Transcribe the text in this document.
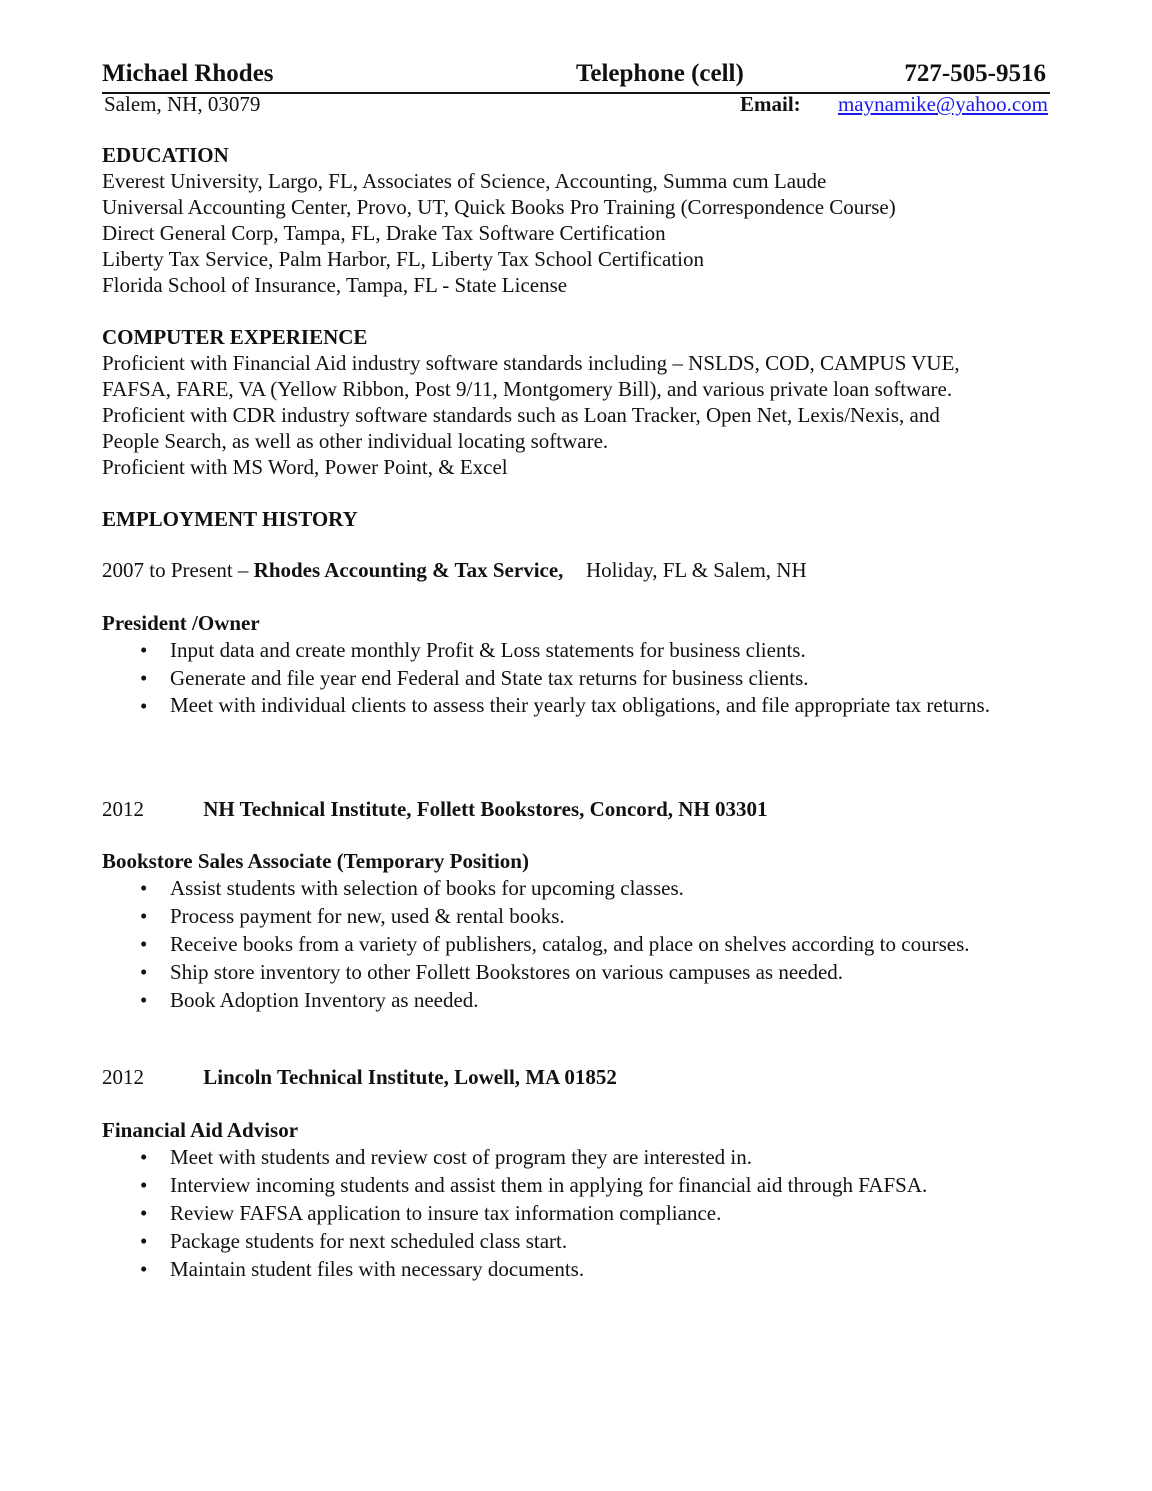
Michael Rhodes	Telephone (cell)	727-505-9516
Salem, NH, 03079	Email: maynamike@yahoo.com
EDUCATION
Everest University, Largo, FL, Associates of Science, Accounting, Summa cum Laude
Universal Accounting Center, Provo, UT, Quick Books Pro Training (Correspondence Course)
Direct General Corp, Tampa, FL, Drake Tax Software Certification
Liberty Tax Service, Palm Harbor, FL, Liberty Tax School Certification
Florida School of Insurance, Tampa, FL - State License
COMPUTER EXPERIENCE
Proficient with Financial Aid industry software standards including – NSLDS, COD, CAMPUS VUE,
FAFSA, FARE, VA (Yellow Ribbon, Post 9/11, Montgomery Bill), and various private loan software.
Proficient with CDR industry software standards such as Loan Tracker, Open Net, Lexis/Nexis, and
People Search, as well as other individual locating software.
Proficient with MS Word, Power Point, & Excel
EMPLOYMENT HISTORY
2007 to Present – Rhodes Accounting & Tax Service, Holiday, FL & Salem, NH
President /Owner
• Input data and create monthly Profit & Loss statements for business clients.
• Generate and file year end Federal and State tax returns for business clients.
• Meet with individual clients to assess their yearly tax obligations, and file appropriate tax returns.
2012	NH Technical Institute, Follett Bookstores, Concord, NH 03301
Bookstore Sales Associate (Temporary Position)
• Assist students with selection of books for upcoming classes.
• Process payment for new, used & rental books.
• Receive books from a variety of publishers, catalog, and place on shelves according to courses.
• Ship store inventory to other Follett Bookstores on various campuses as needed.
• Book Adoption Inventory as needed.
2012	Lincoln Technical Institute, Lowell, MA 01852
Financial Aid Advisor
• Meet with students and review cost of program they are interested in.
• Interview incoming students and assist them in applying for financial aid through FAFSA.
• Review FAFSA application to insure tax information compliance.
• Package students for next scheduled class start.
• Maintain student files with necessary documents.
